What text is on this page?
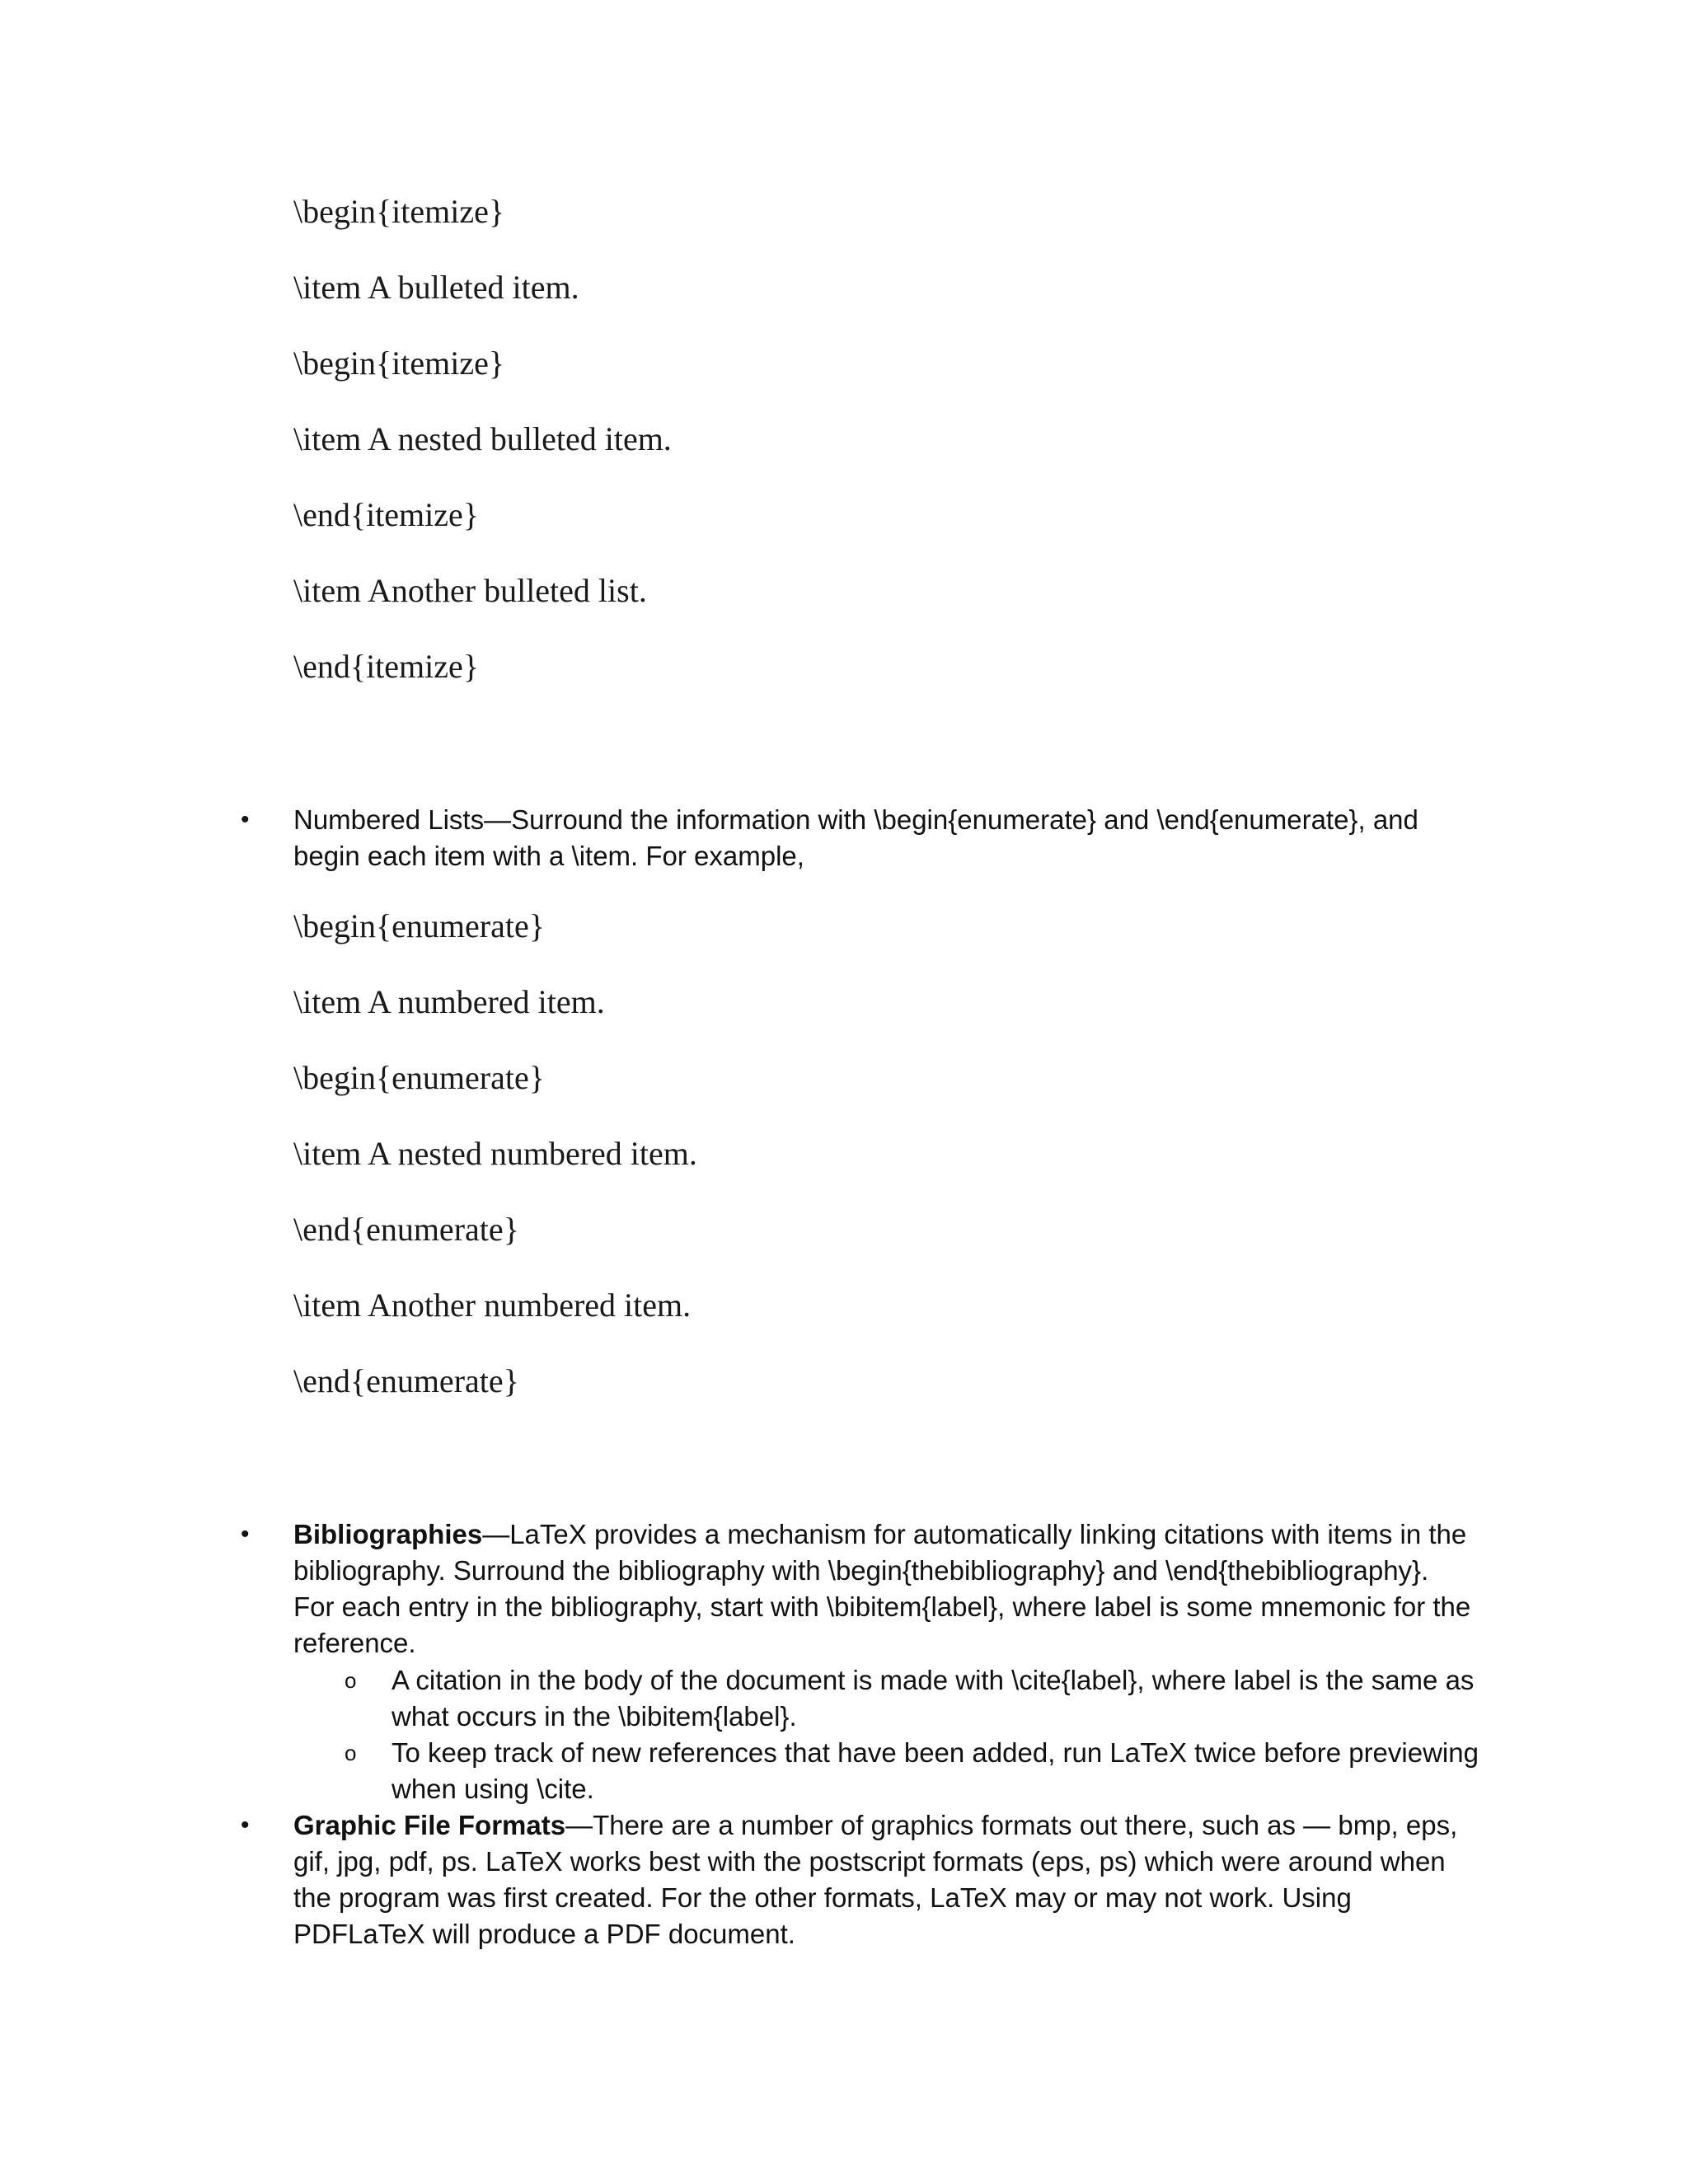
\begin{itemize}
\item A bulleted item.
\begin{itemize}
\item A nested bulleted item.
\end{itemize}
\item Another bulleted list.
\end{itemize}
• Numbered Lists—Surround the information with \begin{enumerate} and \end{enumerate}, and begin each item with a \item. For example,
\begin{enumerate}
\item A numbered item.
\begin{enumerate}
\item A nested numbered item.
\end{enumerate}
\item Another numbered item.
\end{enumerate}
• Bibliographies—LaTeX provides a mechanism for automatically linking citations with items in the bibliography. Surround the bibliography with \begin{thebibliography} and \end{thebibliography}. For each entry in the bibliography, start with \bibitem{label}, where label is some mnemonic for the reference.
o A citation in the body of the document is made with \cite{label}, where label is the same as what occurs in the \bibitem{label}.
o To keep track of new references that have been added, run LaTeX twice before previewing when using \cite.
• Graphic File Formats—There are a number of graphics formats out there, such as — bmp, eps, gif, jpg, pdf, ps. LaTeX works best with the postscript formats (eps, ps) which were around when the program was first created. For the other formats, LaTeX may or may not work. Using PDFLaTeX will produce a PDF document.
